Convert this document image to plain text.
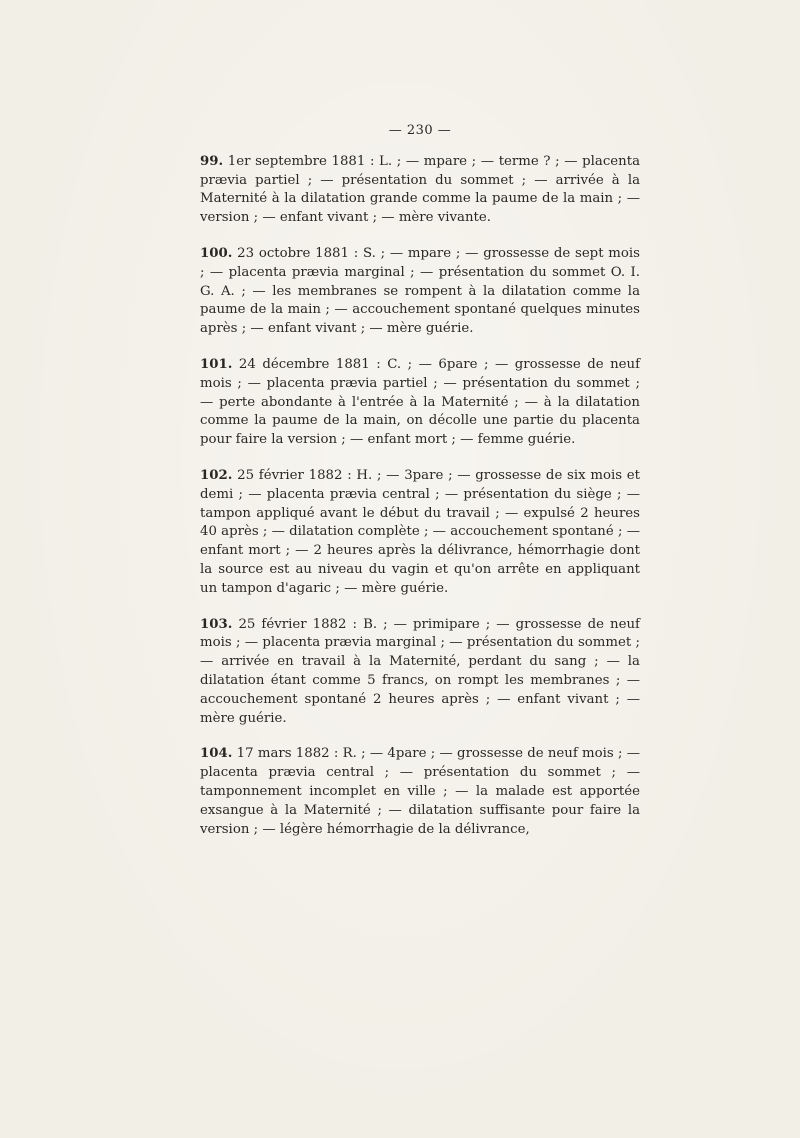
— 230 —

99. 1er septembre 1881 : L. ; — mpare ; — terme ? ; — placenta prævia partiel ; — présentation du sommet ; — arrivée à la Maternité à la dilatation grande comme la paume de la main ; — version ; — enfant vivant ; — mère vivante.

100. 23 octobre 1881 : S. ; — mpare ; — grossesse de sept mois ; — placenta prævia marginal ; — présentation du sommet O. I. G. A. ; — les membranes se rompent à la dilatation comme la paume de la main ; — accouchement spontané quelques minutes après ; — enfant vivant ; — mère guérie.

101. 24 décembre 1881 : C. ; — 6pare ; — grossesse de neuf mois ; — placenta prævia partiel ; — présentation du sommet ; — perte abondante à l'entrée à la Maternité ; — à la dilatation comme la paume de la main, on décolle une partie du placenta pour faire la version ; — enfant mort ; — femme guérie.

102. 25 février 1882 : H. ; — 3pare ; — grossesse de six mois et demi ; — placenta prævia central ; — présentation du siège ; — tampon appliqué avant le début du travail ; — expulsé 2 heures 40 après ; — dilatation complète ; — accouchement spontané ; — enfant mort ; — 2 heures après la délivrance, hémorrhagie dont la source est au niveau du vagin et qu'on arrête en appliquant un tampon d'agaric ; — mère guérie.

103. 25 février 1882 : B. ; — primipare ; — grossesse de neuf mois ; — placenta prævia marginal ; — présentation du sommet ; — arrivée en travail à la Maternité, perdant du sang ; — la dilatation étant comme 5 francs, on rompt les membranes ; — accouchement spontané 2 heures après ; — enfant vivant ; — mère guérie.

104. 17 mars 1882 : R. ; — 4pare ; — grossesse de neuf mois ; — placenta prævia central ; — présentation du sommet ; — tamponnement incomplet en ville ; — la malade est apportée exsangue à la Maternité ; — dilatation suffisante pour faire la version ; — légère hémorrhagie de la délivrance,
